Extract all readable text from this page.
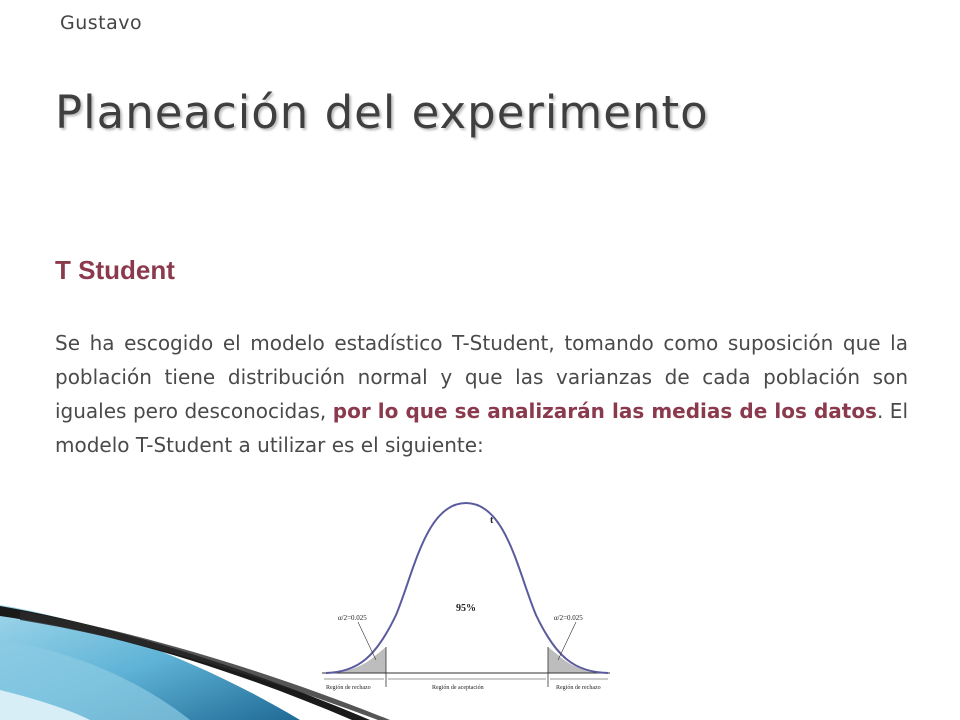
Gustavo
Planeación del experimento
T Student
Se ha escogido el modelo estadístico T-Student, tomando como suposición que la población tiene distribución normal y que las varianzas de cada población son iguales pero desconocidas, por lo que se analizarán las medias de los datos. El modelo T-Student a utilizar es el siguiente:
t
95%
α/2=0.025	α/2=0.025
Región de rechazo	Región de aceptación	Región de rechazo
